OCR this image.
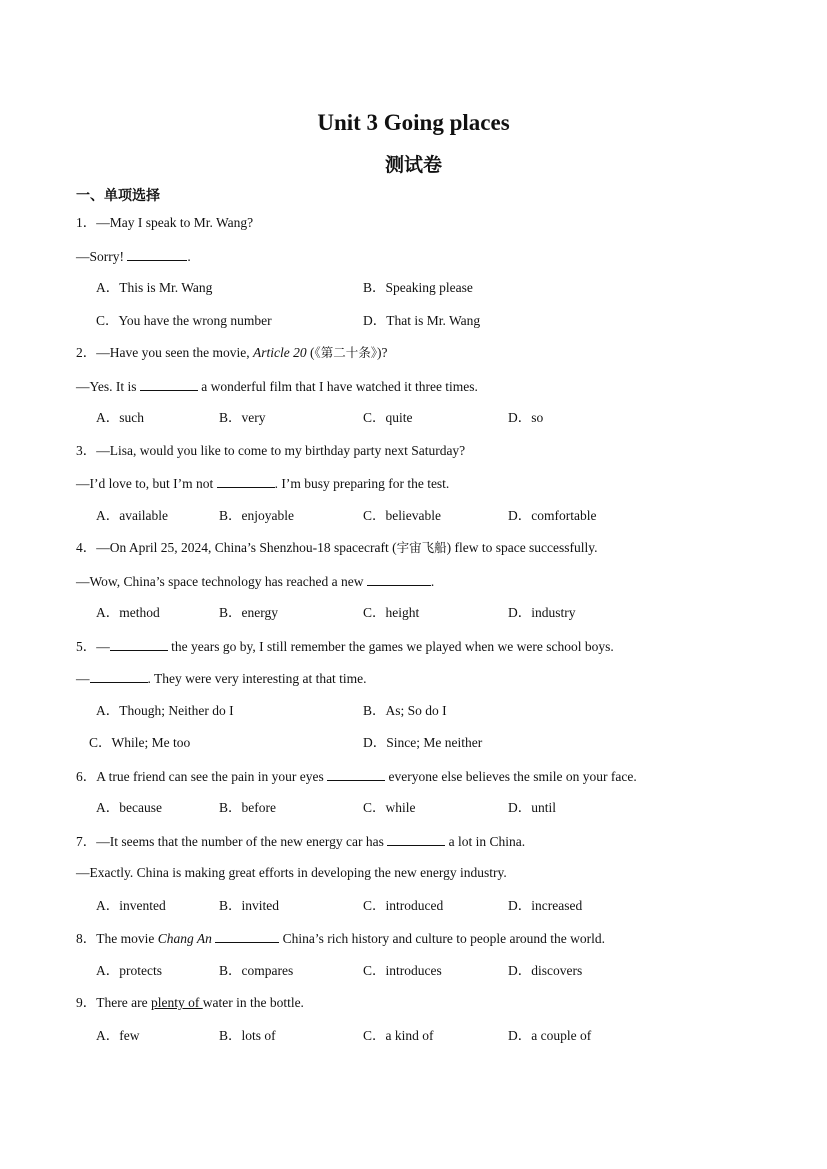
Unit 3 Going places
测试卷
一、单项选择
1．—May I speak to Mr. Wang?
—Sorry!	.
A．This is Mr. Wang	B．Speaking please
C．You have the wrong number	D．That is Mr. Wang
2．—Have you seen the movie, Article 20 (《第二十条》)?
—Yes. It is	a wonderful film that I have watched it three times.
A．such	B．very	C．quite	D．so
3．—Lisa, would you like to come to my birthday party next Saturday?
—I’d love to, but I’m not	. I’m busy preparing for the test.
A．available	B．enjoyable	C．believable	D．comfortable
4．—On April 25, 2024, China’s Shenzhou-18 spacecraft (宇宙飞船) flew to space successfully.
—Wow, China’s space technology has reached a new	.
A．method	B．energy	C．height	D．industry
5．—	the years go by, I still remember the games we played when we were school boys.
—	. They were very interesting at that time.
A．Though; Neither do I	B．As; So do I
C．While; Me too	D．Since; Me neither
6．A true friend can see the pain in your eyes	everyone else believes the smile on your face.
A．because	B．before	C．while	D．until
7．—It seems that the number of the new energy car has	a lot in China.
—Exactly. China is making great efforts in developing the new energy industry.
A．invented	B．invited	C．introduced	D．increased
8．The movie Chang An	China’s rich history and culture to people around the world.
A．protects	B．compares	C．introduces	D．discovers
9．There are plenty of water in the bottle.
A．few	B．lots of	C．a kind of	D．a couple of
